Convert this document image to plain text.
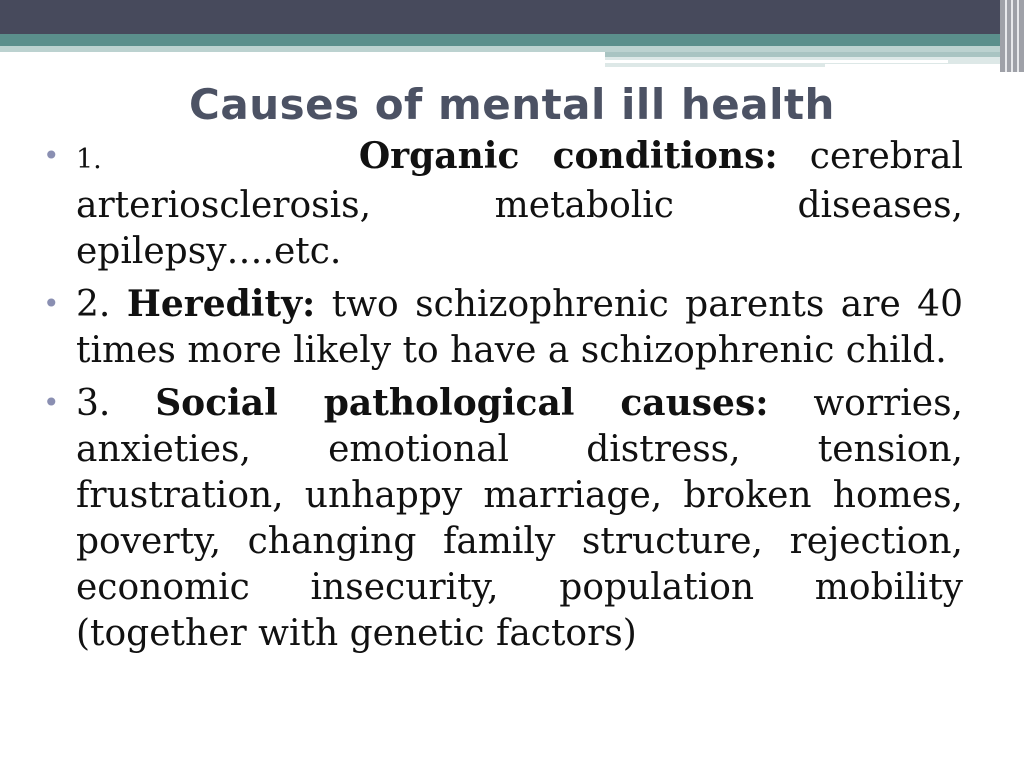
Causes of mental ill health
• 1.	Organic conditions: cerebral arteriosclerosis, metabolic diseases, epilepsy….etc.
• 2. Heredity: two schizophrenic parents are 40 times more likely to have a schizophrenic child.
• 3. Social pathological causes: worries, anxieties, emotional distress, tension, frustration, unhappy marriage, broken homes, poverty, changing family structure, rejection, economic insecurity, population mobility (together with genetic factors)
